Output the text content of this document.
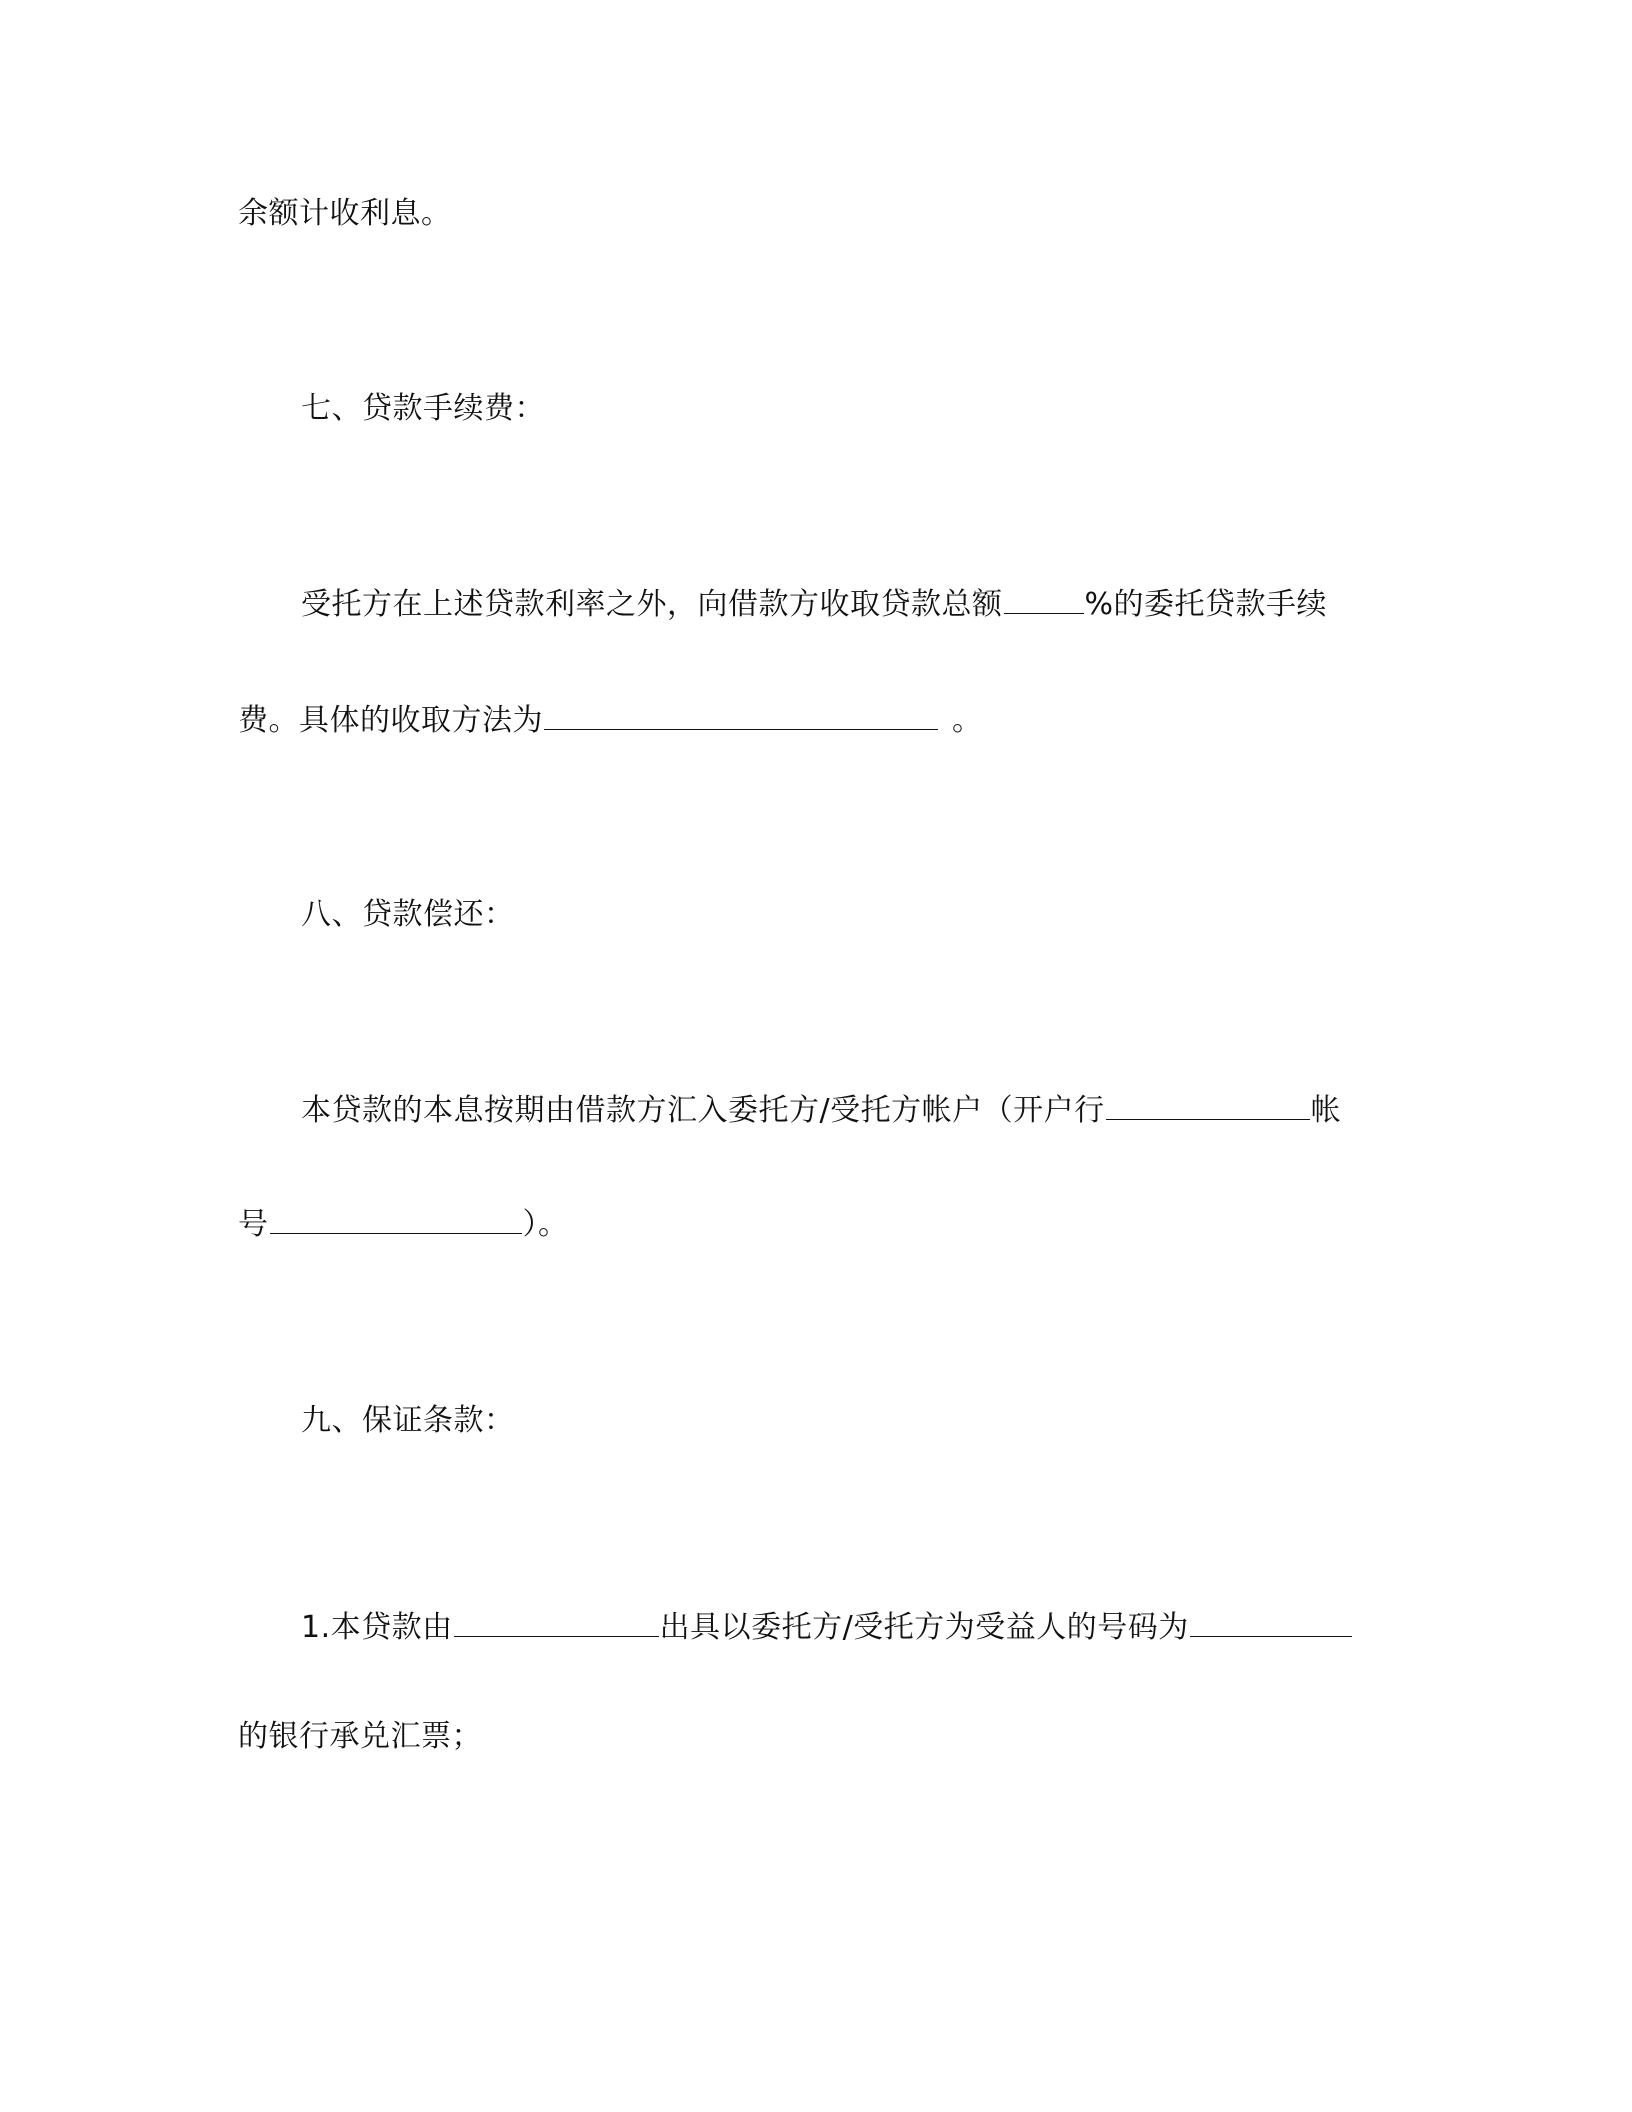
余额计收利息。
七、贷款手续费：
受托方在上述贷款利率之外，向借款方收取贷款总额	%的委托贷款手续
费。具体的收取方法为	。
八、贷款偿还：
本贷款的本息按期由借款方汇入委托方/受托方帐户（开户行	帐
号	）。
九、保证条款：
1.本贷款由	出具以委托方/受托方为受益人的号码为
的银行承兑汇票；
